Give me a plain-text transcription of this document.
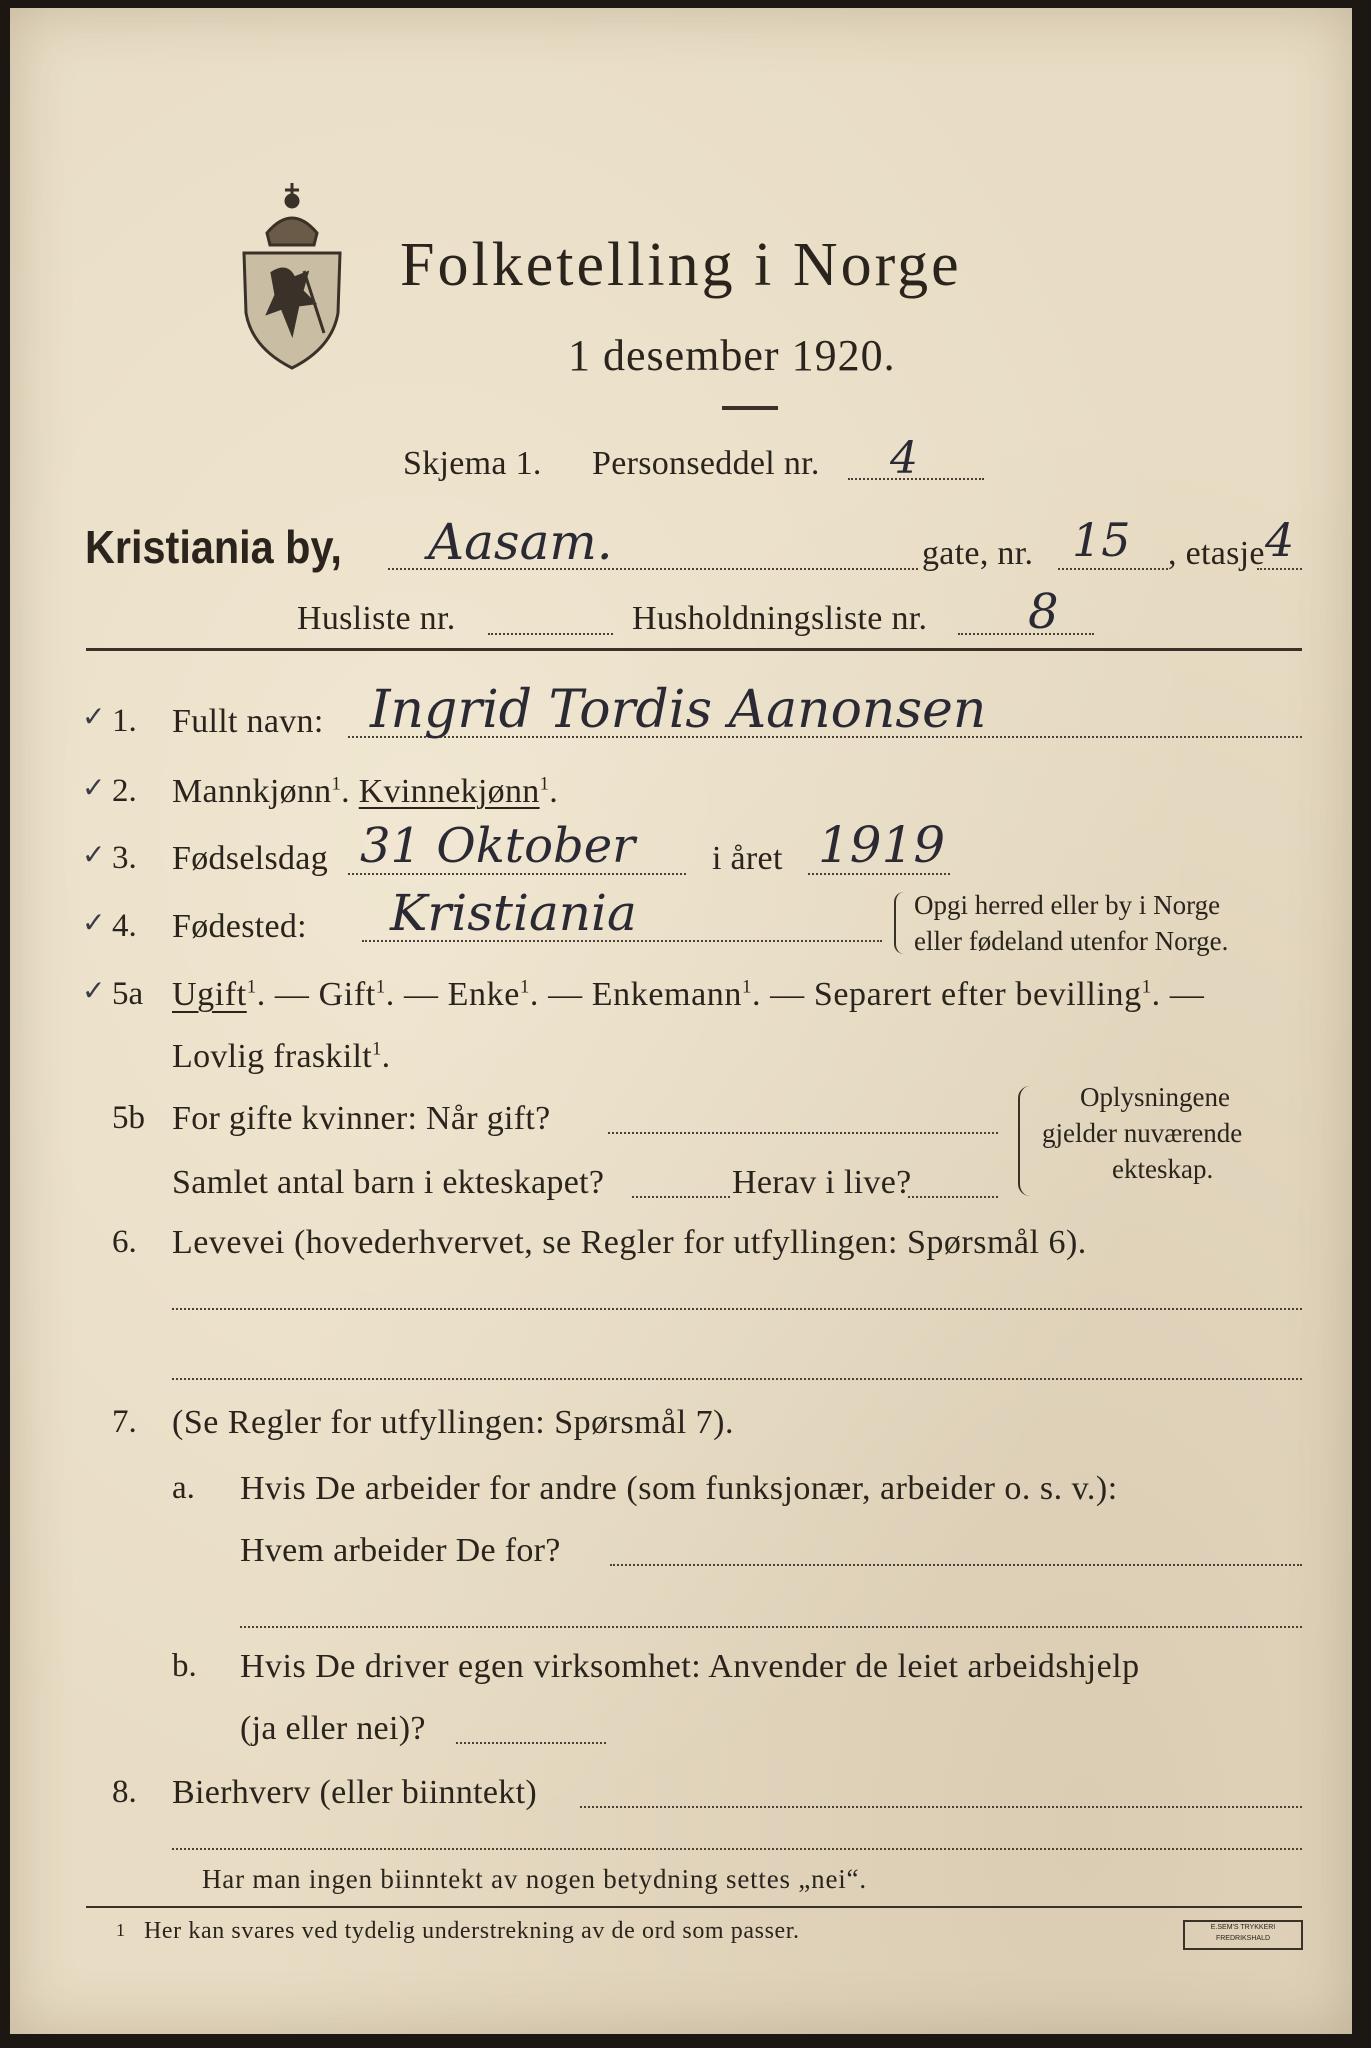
Folketelling i Norge
1 desember 1920.
Skjema 1. Personseddel nr. 4
Kristiania by, Aasam.	gate, nr. 15 , etasje 4
Husliste nr.	Husholdningsliste nr. 8
✓ 1. Fullt navn: Ingrid Tordis Aanonsen
✓ 2. Mannkjønn$^1$. Kvinnekjønn$^1$.
✓ 3. Fødselsdag 31 Oktober i året 1919
✓ 4. Fødested: Kristiania	Opgi herred eller by i Norge
eller fødeland utenfor Norge.
✓ 5a Ugift$^1$. — Gift$^1$. — Enke$^1$. — Enkemann$^1$. — Separert efter bevilling$^1$. —
Lovlig fraskilt$^1$.
5b For gifte kvinner: Når gift?
Samlet antal barn i ekteskapet?	Herav i live?
Oplysningene
gjelder nuværende
ekteskap.
6. Levevei (hovederhvervet, se Regler for utfyllingen: Spørsmål 6).
7. (Se Regler for utfyllingen: Spørsmål 7).
a. Hvis De arbeider for andre (som funksjonær, arbeider o. s. v.):
Hvem arbeider De for?
b. Hvis De driver egen virksomhet: Anvender de leiet arbeidshjelp
(ja eller nei)?
8. Bierhverv (eller biinntekt)
Har man ingen biinntekt av nogen betydning settes „nei“.
1 Her kan svares ved tydelig understrekning av de ord som passer.	E.SEM'S TRYKKERI FREDRIKSHALD
